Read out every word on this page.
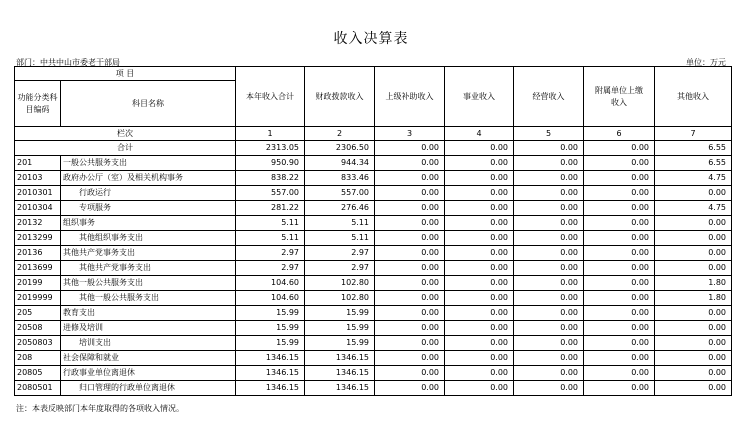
收入决算表
部门：中共中山市委老干部局	单位：万元
项 目		本年收入合计	财政拨款收入	上级补助收入	事业收入	经营收入	附属单位上缴收入	其他收入
功能分类科目编码	科目名称							
栏次		1	2	3	4	5	6	7
合计		2313.05	2306.50	0.00	0.00	0.00	0.00	6.55
201	一般公共服务支出	950.90	944.34	0.00	0.00	0.00	0.00	6.55
20103	政府办公厅（室）及相关机构事务	838.22	833.46	0.00	0.00	0.00	0.00	4.75
2010301	行政运行	557.00	557.00	0.00	0.00	0.00	0.00	0.00
2010304	专项服务	281.22	276.46	0.00	0.00	0.00	0.00	4.75
20132	组织事务	5.11	5.11	0.00	0.00	0.00	0.00	0.00
2013299	其他组织事务支出	5.11	5.11	0.00	0.00	0.00	0.00	0.00
20136	其他共产党事务支出	2.97	2.97	0.00	0.00	0.00	0.00	0.00
2013699	其他共产党事务支出	2.97	2.97	0.00	0.00	0.00	0.00	0.00
20199	其他一般公共服务支出	104.60	102.80	0.00	0.00	0.00	0.00	1.80
2019999	其他一般公共服务支出	104.60	102.80	0.00	0.00	0.00	0.00	1.80
205	教育支出	15.99	15.99	0.00	0.00	0.00	0.00	0.00
20508	进修及培训	15.99	15.99	0.00	0.00	0.00	0.00	0.00
2050803	培训支出	15.99	15.99	0.00	0.00	0.00	0.00	0.00
208	社会保障和就业	1346.15	1346.15	0.00	0.00	0.00	0.00	0.00
20805	行政事业单位离退休	1346.15	1346.15	0.00	0.00	0.00	0.00	0.00
2080501	归口管理的行政单位离退休	1346.15	1346.15	0.00	0.00	0.00	0.00	0.00
注：本表反映部门本年度取得的各项收入情况。
